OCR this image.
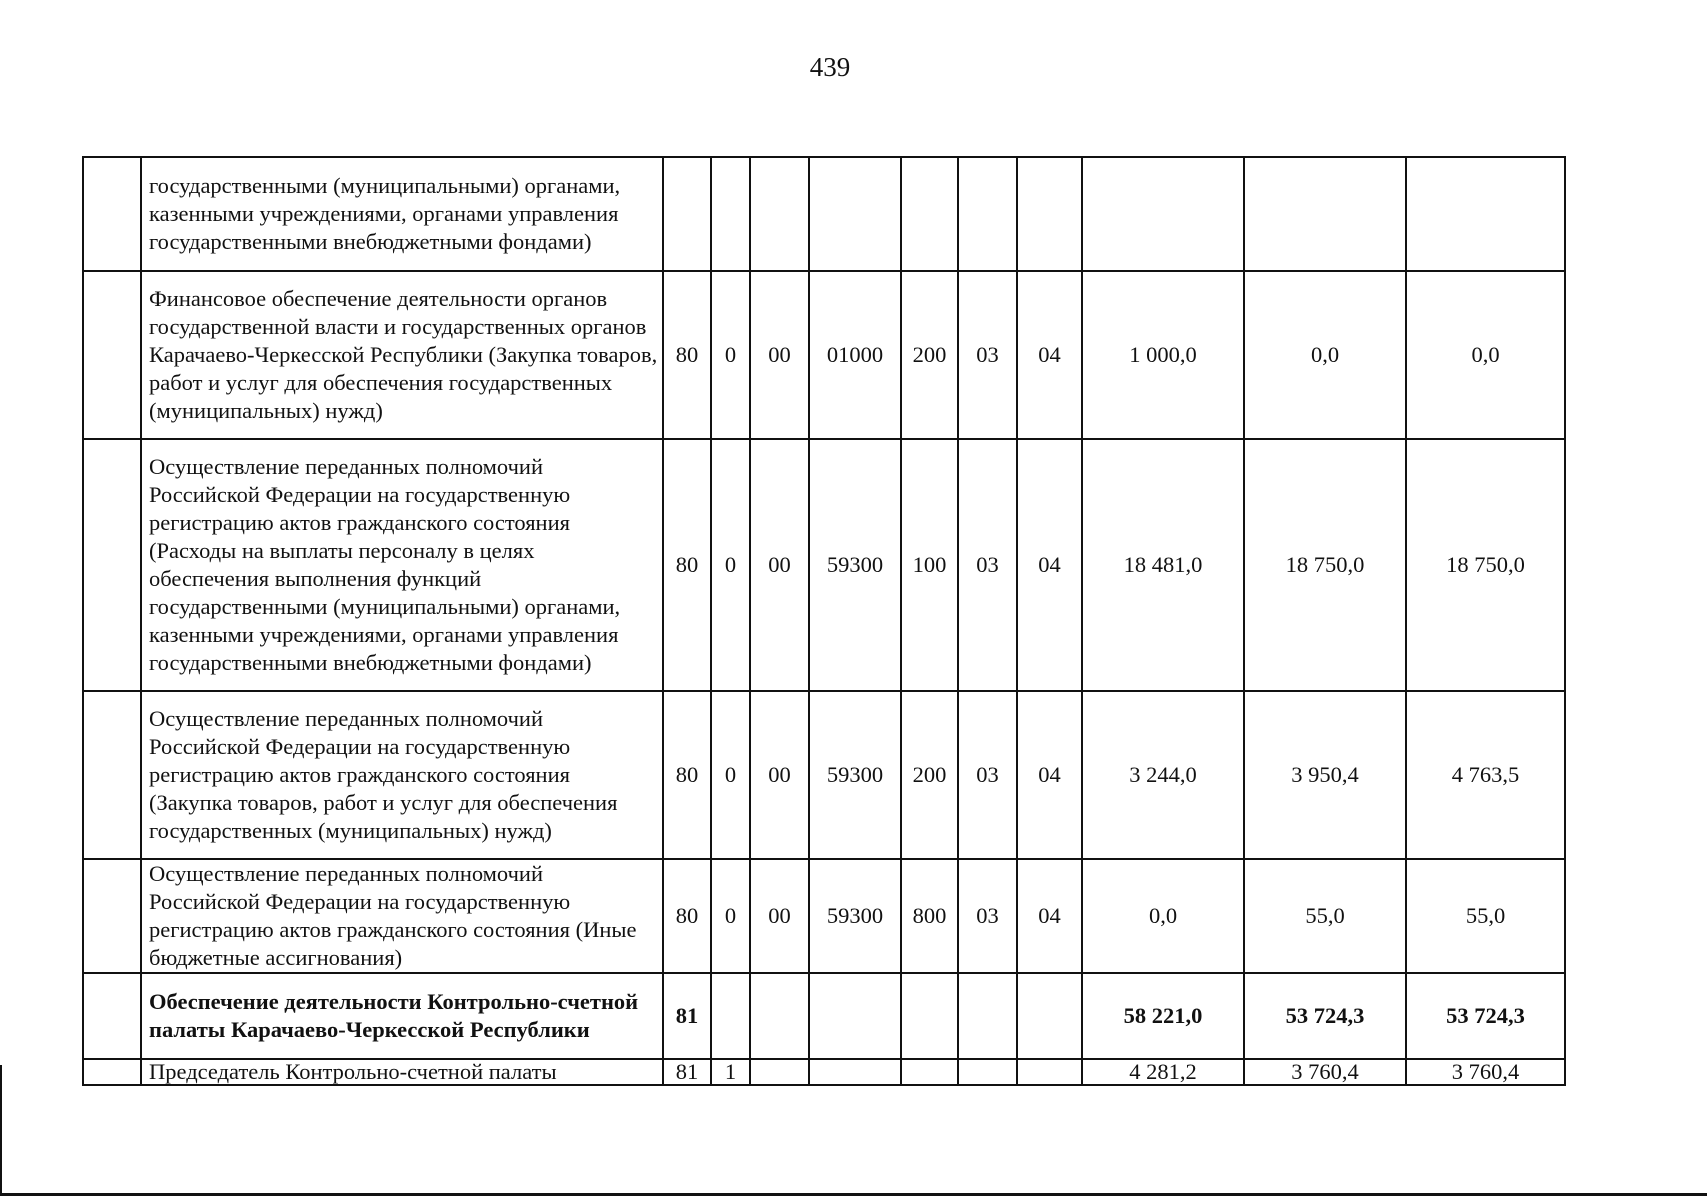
439
	государственными (муниципальными) органами, казенными учреждениями, органами управления государственными внебюджетными фондами)										
	Финансовое обеспечение деятельности органов государственной власти и государственных органов Карачаево-Черкесской Республики (Закупка товаров, работ и услуг для обеспечения государственных (муниципальных) нужд)	80	0	00	01000	200	03	04	1 000,0	0,0	0,0
	Осуществление переданных полномочий Российской Федерации на государственную регистрацию актов гражданского состояния (Расходы на выплаты персоналу в целях обеспечения выполнения функций государственными (муниципальными) органами, казенными учреждениями, органами управления государственными внебюджетными фондами)	80	0	00	59300	100	03	04	18 481,0	18 750,0	18 750,0
	Осуществление переданных полномочий Российской Федерации на государственную регистрацию актов гражданского состояния (Закупка товаров, работ и услуг для обеспечения государственных (муниципальных) нужд)	80	0	00	59300	200	03	04	3 244,0	3 950,4	4 763,5
	Осуществление переданных полномочий Российской Федерации на государственную регистрацию актов гражданского состояния (Иные бюджетные ассигнования)	80	0	00	59300	800	03	04	0,0	55,0	55,0
	Обеспечение деятельности Контрольно-счетной палаты Карачаево-Черкесской Республики	81							58 221,0	53 724,3	53 724,3
	Председатель Контрольно-счетной палаты	81	1						4 281,2	3 760,4	3 760,4
